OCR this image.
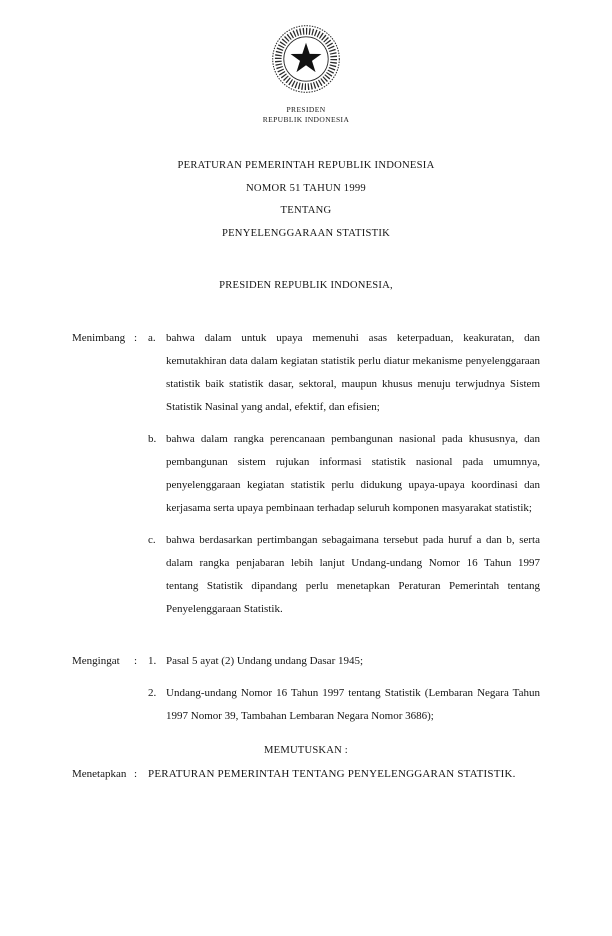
PRESIDEN
REPUBLIK INDONESIA
PERATURAN PEMERINTAH REPUBLIK INDONESIA
NOMOR 51 TAHUN 1999
TENTANG
PENYELENGGARAAN STATISTIK
PRESIDEN REPUBLIK INDONESIA,
Menimbang : a. bahwa dalam untuk upaya memenuhi asas keterpaduan, keakuratan, dan kemutakhiran data dalam kegiatan statistik perlu diatur mekanisme penyelenggaraan statistik baik statistik dasar, sektoral, maupun khusus menuju terwjudnya Sistem Statistik Nasinal yang andal, efektif, dan efisien;

b. bahwa dalam rangka perencanaan pembangunan nasional pada khususnya, dan pembangunan sistem rujukan informasi statistik nasional pada umumnya, penyelenggaraan kegiatan statistik perlu didukung upaya-upaya koordinasi dan kerjasama serta upaya pembinaan terhadap seluruh komponen masyarakat statistik;

c. bahwa berdasarkan pertimbangan sebagaimana tersebut pada huruf a dan b, serta dalam rangka penjabaran lebih lanjut Undang-undang Nomor 16 Tahun 1997 tentang Statistik dipandang perlu menetapkan Peraturan Pemerintah tentang Penyelenggaraan Statistik.

Mengingat	: 1. Pasal 5 ayat (2) Undang undang Dasar 1945;

2. Undang-undang Nomor 16 Tahun 1997 tentang Statistik (Lembaran Negara Tahun 1997 Nomor 39, Tambahan Lembaran Negara Nomor 3686);

MEMUTUSKAN :
Menetapkan : PERATURAN PEMERINTAH TENTANG PENYELENGGARAN STATISTIK.
